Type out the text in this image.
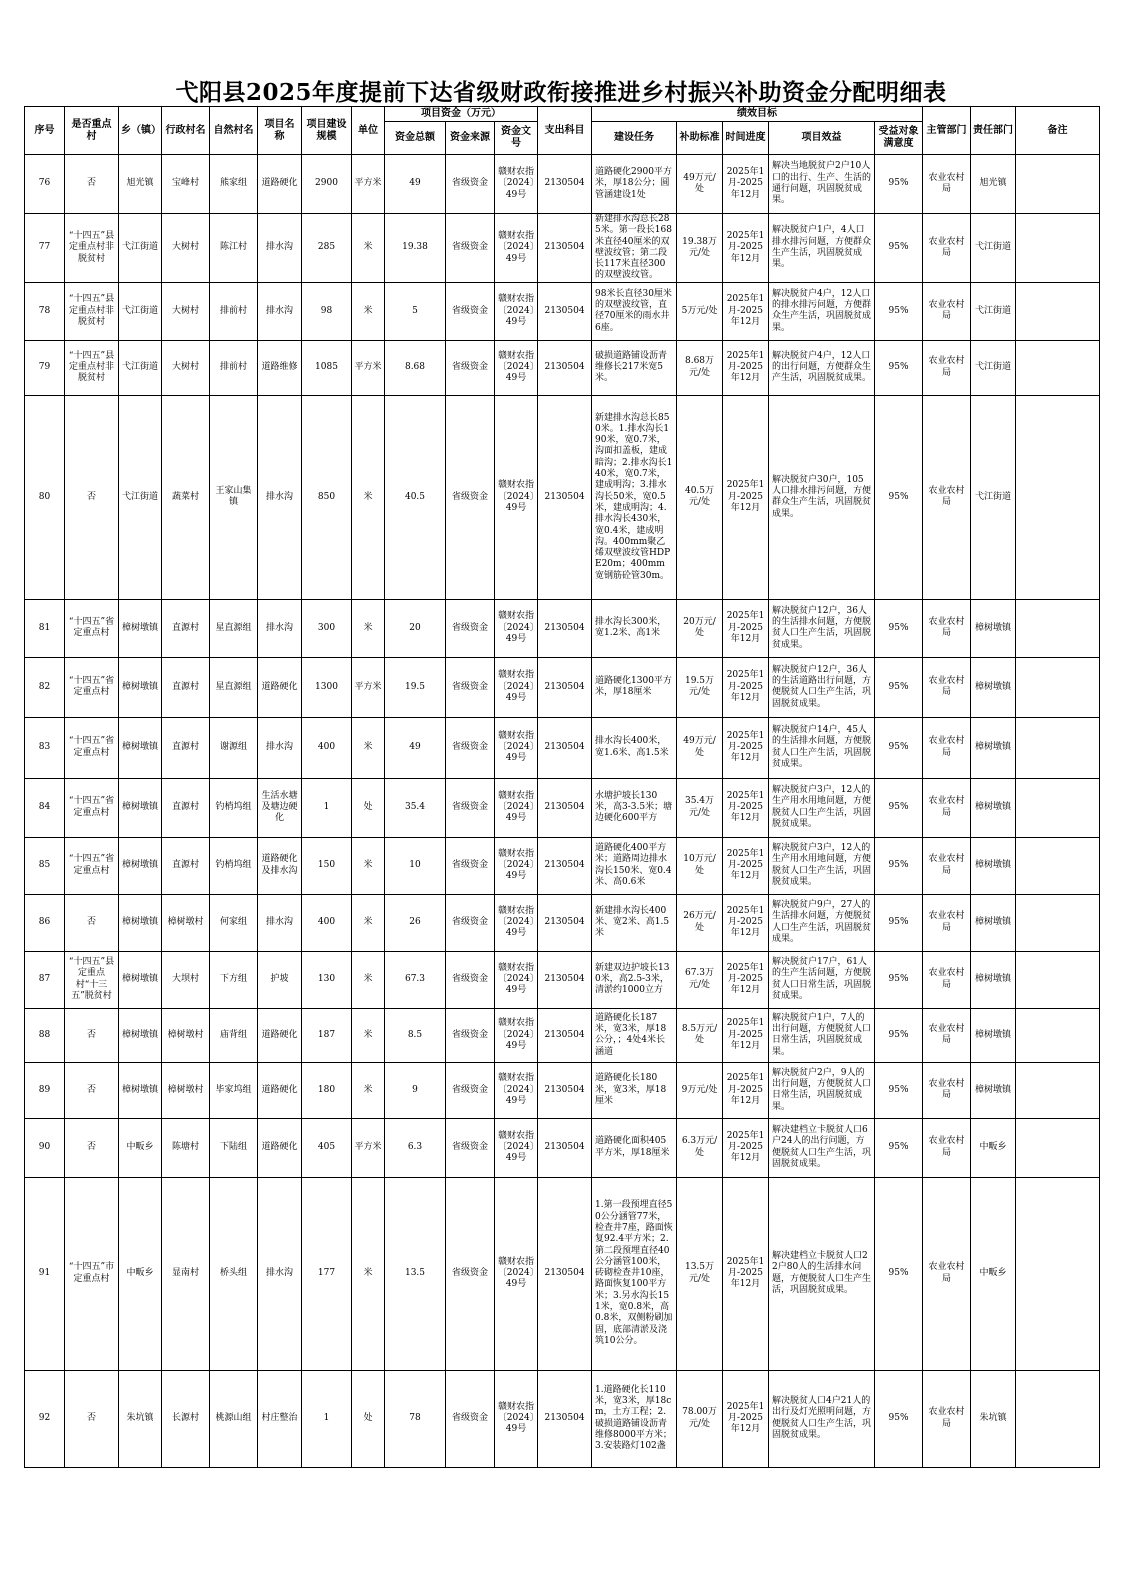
弋阳县2025年度提前下达省级财政衔接推进乡村振兴补助资金分配明细表
序号	是否重点村	乡（镇）	行政村名	自然村名	项目名称	项目建设规模	单位	项目资金（万元）			支出科目	绩效目标					主管部门	责任部门	备注
								资金总额	资金来源	资金文号		建设任务	补助标准	时间进度	项目效益	受益对象满意度			
76	否	旭光镇	宝峰村	熊家组	道路硬化	2900	平方米	49	省级资金	赣财农指〔2024〕49号	2130504	道路硬化2900平方米，厚18公分；圆管涵建设1处	49万元/处	2025年1月-2025年12月	解决当地脱贫户2户10人口的出行、生产、生活的通行问题，巩固脱贫成果。	95%	农业农村局	旭光镇	
77	“十四五”县定重点村非脱贫村	弋江街道	大树村	陈江村	排水沟	285	米	19.38	省级资金	赣财农指〔2024〕49号	2130504	新建排水沟总长285米。第一段长168米直径40厘米的双壁波纹管；第二段长117米直径300的双壁波纹管。	19.38万元/处	2025年1月-2025年12月	解决脱贫户1户，4人口排水排污问题，方便群众生产生活，巩固脱贫成果。	95%	农业农村局	弋江街道	
78	“十四五”县定重点村非脱贫村	弋江街道	大树村	排前村	排水沟	98	米	5	省级资金	赣财农指〔2024〕49号	2130504	98米长直径30厘米的双壁波纹管，直径70厘米的雨水井6座。	5万元/处	2025年1月-2025年12月	解决脱贫户4户，12人口的排水排污问题，方便群众生产生活，巩固脱贫成果。	95%	农业农村局	弋江街道	
79	“十四五”县定重点村非脱贫村	弋江街道	大树村	排前村	道路维修	1085	平方米	8.68	省级资金	赣财农指〔2024〕49号	2130504	破损道路铺设沥青维修长217米宽5米。	8.68万元/处	2025年1月-2025年12月	解决脱贫户4户，12人口的出行问题，方便群众生产生活，巩固脱贫成果。	95%	农业农村局	弋江街道	
80	否	弋江街道	蔬菜村	王家山集镇	排水沟	850	米	40.5	省级资金	赣财农指〔2024〕49号	2130504	新建排水沟总长850米。1.排水沟长190米，宽0.7米，沟面扣盖板，建成暗沟；2.排水沟长140米，宽0.7米，建成明沟；3.排水沟长50米，宽0.5米，建成明沟；4.排水沟长430米，宽0.4米，建成明沟。400mm聚乙烯双壁波纹管HDPE20m；400mm宽钢筋砼管30m。	40.5万元/处	2025年1月-2025年12月	解决脱贫户30户，105人口排水排污问题，方便群众生产生活，巩固脱贫成果。	95%	农业农村局	弋江街道	
81	“十四五”省定重点村	樟树墩镇	直源村	星直源组	排水沟	300	米	20	省级资金	赣财农指〔2024〕49号	2130504	排水沟长300米，宽1.2米、高1米	20万元/处	2025年1月-2025年12月	解决脱贫户12户，36人的生活排水问题，方便脱贫人口生产生活，巩固脱贫成果。	95%	农业农村局	樟树墩镇	
82	“十四五”省定重点村	樟树墩镇	直源村	星直源组	道路硬化	1300	平方米	19.5	省级资金	赣财农指〔2024〕49号	2130504	道路硬化1300平方米，厚18厘米	19.5万元/处	2025年1月-2025年12月	解决脱贫户12户，36人的生活道路出行问题，方便脱贫人口生产生活，巩固脱贫成果。	95%	农业农村局	樟树墩镇	
83	“十四五”省定重点村	樟树墩镇	直源村	谢源组	排水沟	400	米	49	省级资金	赣财农指〔2024〕49号	2130504	排水沟长400米，宽1.6米、高1.5米	49万元/处	2025年1月-2025年12月	解决脱贫户14户，45人的生活排水问题，方便脱贫人口生产生活，巩固脱贫成果。	95%	农业农村局	樟树墩镇	
84	“十四五”省定重点村	樟树墩镇	直源村	钓梢坞组	生活水塘及塘边硬化	1	处	35.4	省级资金	赣财农指〔2024〕49号	2130504	水塘护坡长130米，高3-3.5米；塘边硬化600平方	35.4万元/处	2025年1月-2025年12月	解决脱贫户3户，12人的生产用水用地问题，方便脱贫人口生产生活，巩固脱贫成果。	95%	农业农村局	樟树墩镇	
85	“十四五”省定重点村	樟树墩镇	直源村	钓梢坞组	道路硬化及排水沟	150	米	10	省级资金	赣财农指〔2024〕49号	2130504	道路硬化400平方米；道路周边排水沟长150米、宽0.4米、高0.6米	10万元/处	2025年1月-2025年12月	解决脱贫户3户，12人的生产用水用地问题，方便脱贫人口生产生活，巩固脱贫成果。	95%	农业农村局	樟树墩镇	
86	否	樟树墩镇	樟树墩村	何家组	排水沟	400	米	26	省级资金	赣财农指〔2024〕49号	2130504	新建排水沟长400米、宽2米、高1.5米	26万元/处	2025年1月-2025年12月	解决脱贫户9户，27人的生活排水问题，方便脱贫人口生产生活，巩固脱贫成果。	95%	农业农村局	樟树墩镇	
87	“十四五”县定重点村“十三五”脱贫村	樟树墩镇	大坝村	下方组	护坡	130	米	67.3	省级资金	赣财农指〔2024〕49号	2130504	新建双边护坡长130米，高2.5-3米，清淤约1000立方	67.3万元/处	2025年1月-2025年12月	解决脱贫户17户，61人的生产生活问题，方便脱贫人口日常生活，巩固脱贫成果。	95%	农业农村局	樟树墩镇	
88	否	樟树墩镇	樟树墩村	庙背组	道路硬化	187	米	8.5	省级资金	赣财农指〔2024〕49号	2130504	道路硬化长187米，宽3米，厚18公分，；4处4米长涵道	8.5万元/处	2025年1月-2025年12月	解决脱贫户1户，7人的出行问题，方便脱贫人口日常生活，巩固脱贫成果。	95%	农业农村局	樟树墩镇	
89	否	樟树墩镇	樟树墩村	毕家坞组	道路硬化	180	米	9	省级资金	赣财农指〔2024〕49号	2130504	道路硬化长180米，宽3米，厚18厘米	9万元/处	2025年1月-2025年12月	解决脱贫户2户，9人的出行问题，方便脱贫人口日常生活，巩固脱贫成果。	95%	农业农村局	樟树墩镇	
90	否	中畈乡	陈塘村	下陆组	道路硬化	405	平方米	6.3	省级资金	赣财农指〔2024〕49号	2130504	道路硬化面积405平方米，厚18厘米	6.3万元/处	2025年1月-2025年12月	解决建档立卡脱贫人口6户24人的出行问题，方便脱贫人口生产生活，巩固脱贫成果。	95%	农业农村局	中畈乡	
91	“十四五”市定重点村	中畈乡	显南村	桥头组	排水沟	177	米	13.5	省级资金	赣财农指〔2024〕49号	2130504	1.第一段预埋直径50公分涵管77米，检查井7座，路面恢复92.4平方米；2.第二段预埋直径40公分涵管100米，砖砌检查井10座，路面恢复100平方米；3.另水沟长151米，宽0.8米，高0.8米，双侧粉刷加固，底部清淤及浇筑10公分。	13.5万元/处	2025年1月-2025年12月	解决建档立卡脱贫人口22户80人的生活排水问题，方便脱贫人口生产生活，巩固脱贫成果。	95%	农业农村局	中畈乡	
92	否	朱坑镇	长源村	桃源山组	村庄整治	1	处	78	省级资金	赣财农指〔2024〕49号	2130504	1.道路硬化长110米，宽3米，厚18cm，土方工程；2.破损道路铺设沥青维修8000平方米；3.安装路灯102盏	78.00万元/处	2025年1月-2025年12月	解决脱贫人口4户21人的出行及灯光照明问题，方便脱贫人口生产生活，巩固脱贫成果。	95%	农业农村局	朱坑镇	
